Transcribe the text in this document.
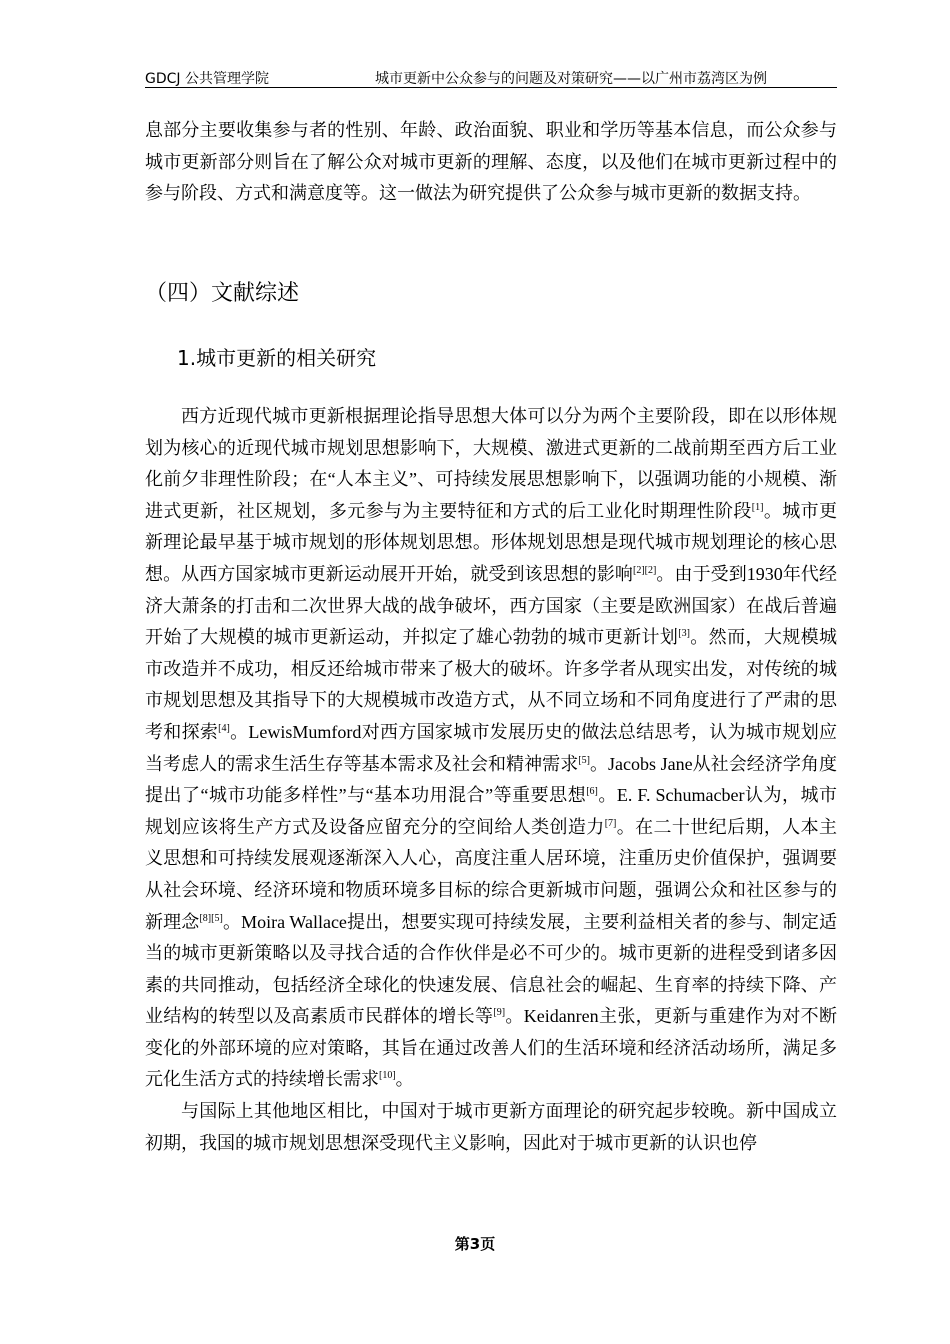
GDCJ 公共管理学院	城市更新中公众参与的问题及对策研究——以广州市荔湾区为例

息部分主要收集参与者的性别、年龄、政治面貌、职业和学历等基本信息，而公众参与城市更新部分则旨在了解公众对城市更新的理解、态度，以及他们在城市更新过程中的参与阶段、方式和满意度等。这一做法为研究提供了公众参与城市更新的数据支持。

（四）文献综述
1.城市更新的相关研究

西方近现代城市更新根据理论指导思想大体可以分为两个主要阶段，即在以形体规划为核心的近现代城市规划思想影响下，大规模、激进式更新的二战前期至西方后工业化前夕非理性阶段；在“人本主义”、可持续发展思想影响下，以强调功能的小规模、渐进式更新，社区规划，多元参与为主要特征和方式的后工业化时期理性阶段[1]。城市更新理论最早基于城市规划的形体规划思想。形体规划思想是现代城市规划理论的核心思想。从西方国家城市更新运动展开开始，就受到该思想的影响[2][2]。由于受到1930年代经济大萧条的打击和二次世界大战的战争破坏，西方国家（主要是欧洲国家）在战后普遍开始了大规模的城市更新运动，并拟定了雄心勃勃的城市更新计划[3]。然而，大规模城市改造并不成功，相反还给城市带来了极大的破坏。许多学者从现实出发，对传统的城市规划思想及其指导下的大规模城市改造方式，从不同立场和不同角度进行了严肃的思考和探索[4]。LewisMumford对西方国家城市发展历史的做法总结思考，认为城市规划应当考虑人的需求生活生存等基本需求及社会和精神需求[5]。Jacobs Jane从社会经济学角度提出了“城市功能多样性”与“基本功用混合”等重要思想[6]。E. F. Schumacber认为，城市规划应该将生产方式及设备应留充分的空间给人类创造力[7]。在二十世纪后期，人本主义思想和可持续发展观逐渐深入人心，高度注重人居环境，注重历史价值保护，强调要从社会环境、经济环境和物质环境多目标的综合更新城市问题，强调公众和社区参与的新理念[8][5]。Moira Wallace提出，想要实现可持续发展，主要利益相关者的参与、制定适当的城市更新策略以及寻找合适的合作伙伴是必不可少的。城市更新的进程受到诸多因素的共同推动，包括经济全球化的快速发展、信息社会的崛起、生育率的持续下降、产业结构的转型以及高素质市民群体的增长等[9]。Keidanren主张，更新与重建作为对不断变化的外部环境的应对策略，其旨在通过改善人们的生活环境和经济活动场所，满足多元化生活方式的持续增长需求[10]。

与国际上其他地区相比，中国对于城市更新方面理论的研究起步较晚。新中国成立初期，我国的城市规划思想深受现代主义影响，因此对于城市更新的认识也停

第3页
